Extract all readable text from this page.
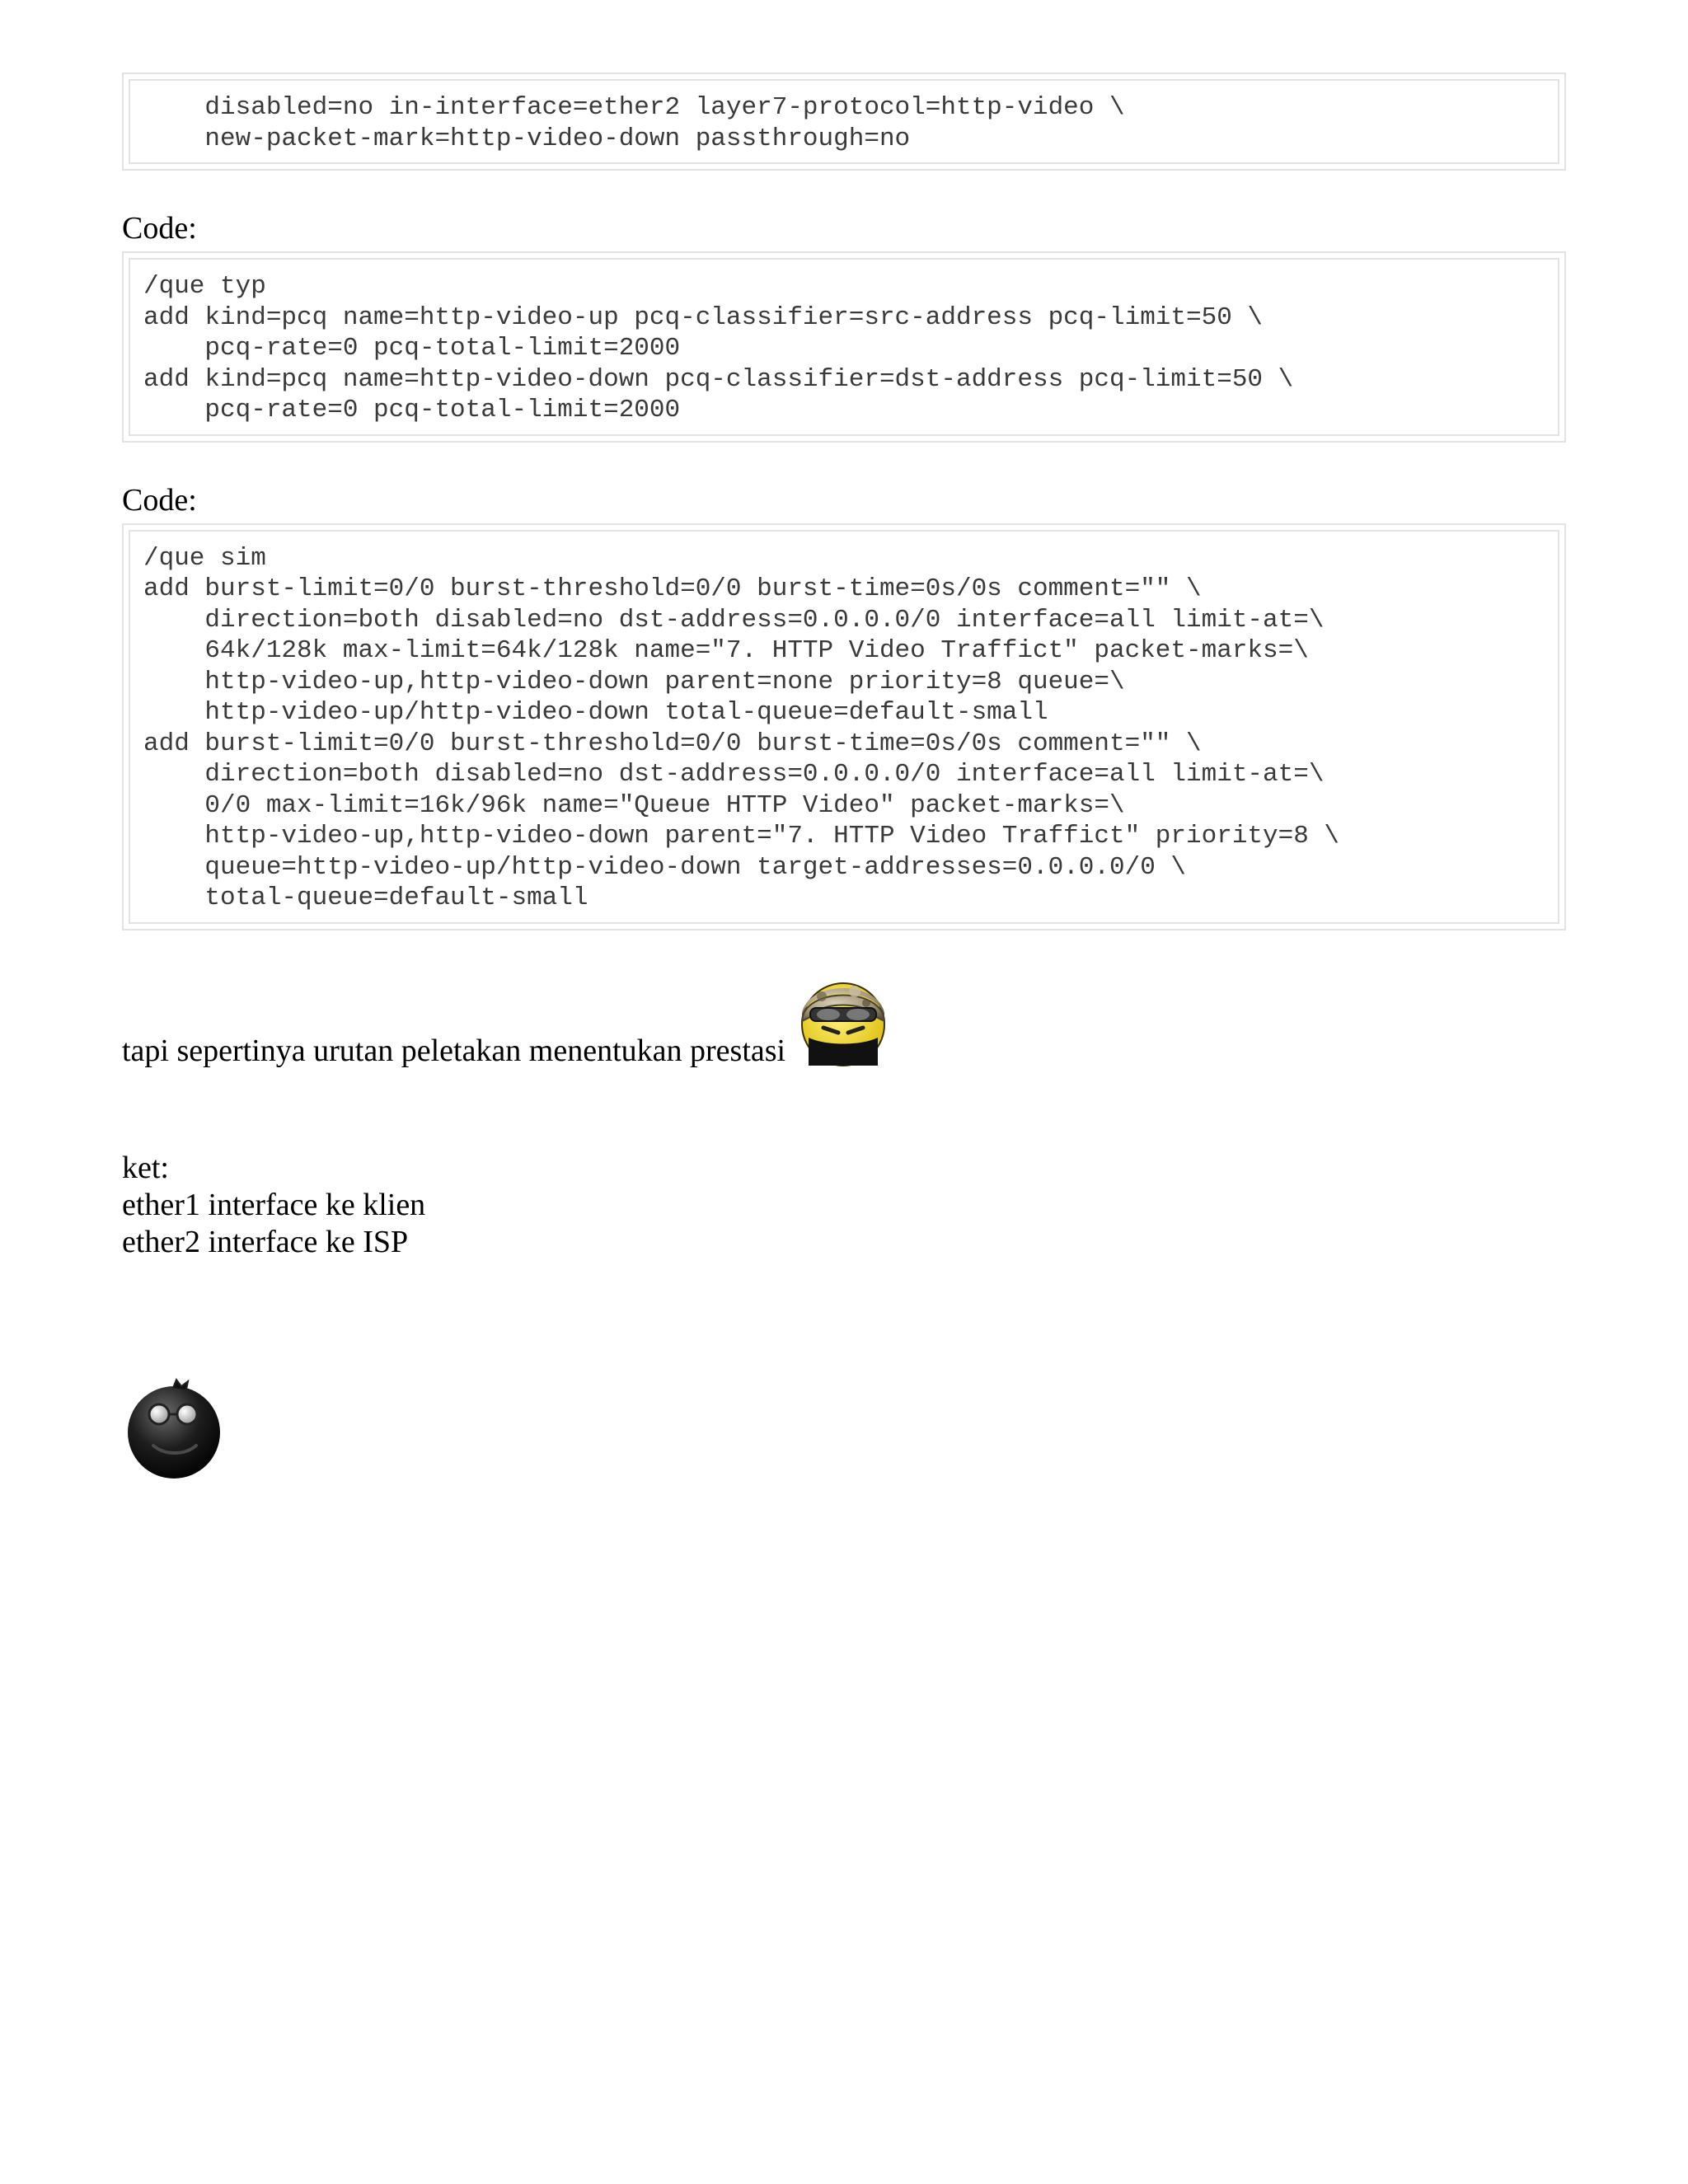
disabled=no in-interface=ether2 layer7-protocol=http-video \
new-packet-mark=http-video-down passthrough=no
Code:
/que typ
add kind=pcq name=http-video-up pcq-classifier=src-address pcq-limit=50 \
pcq-rate=0 pcq-total-limit=2000
add kind=pcq name=http-video-down pcq-classifier=dst-address pcq-limit=50 \
pcq-rate=0 pcq-total-limit=2000
Code:
/que sim
add burst-limit=0/0 burst-threshold=0/0 burst-time=0s/0s comment="" \
direction=both disabled=no dst-address=0.0.0.0/0 interface=all limit-at=\
64k/128k max-limit=64k/128k name="7. HTTP Video Traffict" packet-marks=\
http-video-up,http-video-down parent=none priority=8 queue=\
http-video-up/http-video-down total-queue=default-small
add burst-limit=0/0 burst-threshold=0/0 burst-time=0s/0s comment="" \
direction=both disabled=no dst-address=0.0.0.0/0 interface=all limit-at=\
0/0 max-limit=16k/96k name="Queue HTTP Video" packet-marks=\
http-video-up,http-video-down parent="7. HTTP Video Traffict" priority=8 \
queue=http-video-up/http-video-down target-addresses=0.0.0.0/0 \
total-queue=default-small
tapi sepertinya urutan peletakan menentukan prestasi
ket:
ether1 interface ke klien
ether2 interface ke ISP
